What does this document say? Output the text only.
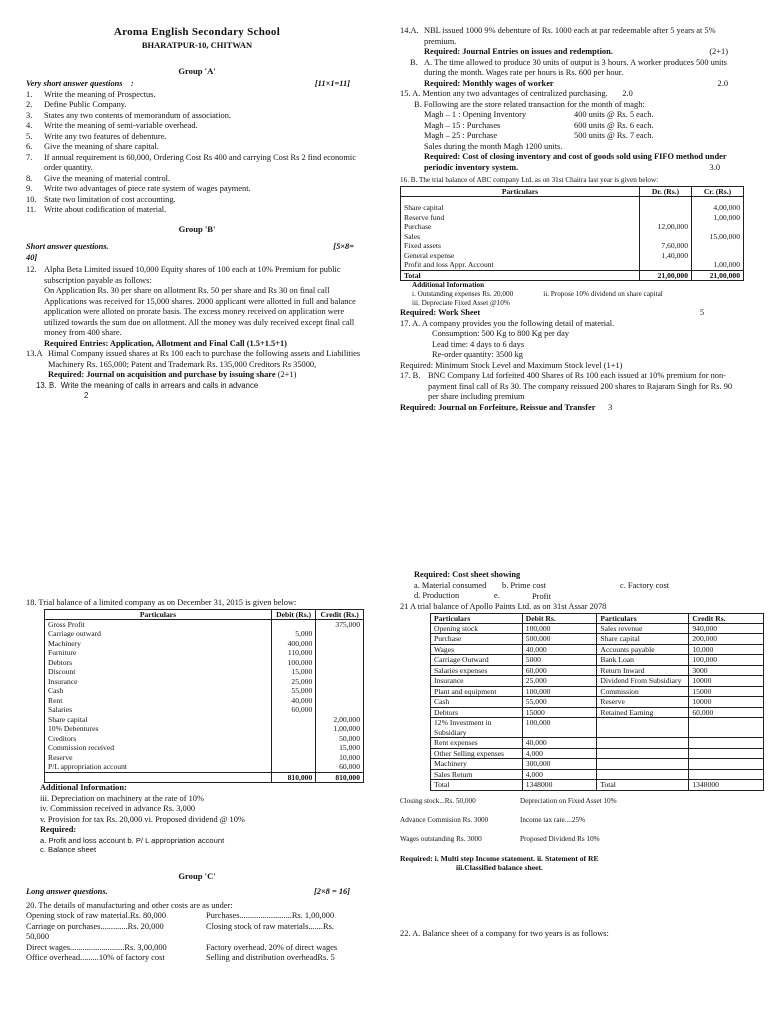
Aroma English Secondary School
BHARATPUR-10, CHITWAN
Group 'A'
Very short answer questions :	[11×1=11]
1.	Write the meaning of Prospectus.
2.	Define Public Company.
3.	States any two contents of memorandum of association.
4.	Write the meaning of semi-variable overhead.
5.	Write any two features of debenture.
6.	Give the meaning of share capital.
7.	If annual requirement is 60,000, Ordering Cost Rs 400 and carrying Cost Rs 2 find economic order quantity.
8.	Give the meaning of material control.
9.	Write two advantages of piece rate system of wages payment.
10. State two limitation of cost accounting.
11. Write about codification of material.
Group 'B'
Short answer questions.	[5×8=
40]
12. Alpha Beta Limited issued 10,000 Equity shares of 100 each at 10% Premium for public subscription payable as follows:
On Application Rs. 30 per share on allotment Rs. 50 per share and Rs 30 on final call
Applications was received for 15,000 shares. 2000 applicant were allotted in full and balance application were alloted on prorate basis. The excess money received on application were utilized towards the sum due on allotment. All the money was duly received except final call money from 400 share.
Required Entries: Application, Allotment and Final Call (1.5+1.5+1)
13.A Himal Company issued shares at Rs 100 each to purchase the following assets and Liabilities
Machinery Rs. 165,000; Patent and Trademark Rs. 135,000 Creditors Rs 35000,
Required: Journal on acquisition and purchase by issuing share (2+1)
13. B. Write the meaning of calls in arrears and calls in advance
2
14.A. NBL issued 1000 9% debenture of Rs. 1000 each at par redeemable after 5 years at 5% premium.
Required: Journal Entries on issues and redemption.	(2+1)
B. A. The time allowed to produce 30 units of output is 3 hours. A worker produces 500 units during the month. Wages rate per hours is Rs. 600 per hour.
Required: Monthly wages of worker	2.0
15. A. Mention any two advantages of centralized purchasing. 2.0
B. Following are the store related transaction for the month of magh:
Magh – 1 : Opening Inventory	400 units @ Rs. 5 each.
Magh – 15 : Purchases	600 units @ Rs. 6 each.
Magh – 25 : Purchase	500 units @ Rs. 7 each.
Sales during the month Magh 1200 units.
Required: Cost of closing inventory and cost of goods sold using FIFO method under periodic inventory system.	3.0
16. B. The trial balance of ABC company Ltd. as on 31st Chaitra last year is given below:
Particulars	Dr. (Rs.)	Cr. (Rs.)

Share capital		4,00,000
Reserve fund		1,00,000
Purchase	12,00,000	
Sales		15,00,000
Fixed assets	7,60,000	
General expense	1,40,000	
Profit and loss Appr. Account		1,00,000
Total	21,00,000	21,00,000
Additional Information
i. Outstanding expenses Rs. 20,000	ii. Propose 10% dividend on share capital
iii. Depreciate Fixed Asset @10%
Required: Work Sheet	5
17. A. A company provides you the following detail of material.
Consumption: 500 Kg to 800 Kg per day
Lead time: 4 days to 6 days
Re-order quantity: 3500 kg
Required: Minimum Stock Level and Maximum Stock level (1+1)
17. B. BNC Company Ltd forfeited 400 Shares of Rs 100 each issued at 10% premium for non-payment final call of Rs 30. The company reissued 200 shares to Rajaram Singh for Rs. 90 per share including premium
Required: Journal on Forfeiture, Reissue and Transfer 3
18. Trial balance of a limited company as on December 31, 2015 is given below:
Particulars	Debit (Rs.)	Credit (Rs.)
Gross Profit		375,000
Carriage outward	5,000	
Machinery	400,000	
Furniture	110,000	
Debtors	100,000	
Discount	15,000	
Insurance	25,000	
Cash	55,000	
Rent	40,000	
Salaries	60,000	
Share capital		2,00,000
10% Debentures		1,00,000
Creditors		50,000
Commission received		15,000
Reserve		10,000
P/L appropriation account		60,000
	810,000	810,000
Additional Information:
iii. Depreciation on machinery at the rate of 10%
iv. Commission received in advance Rs. 3,000
v. Provision for tax Rs. 20,000 vi. Proposed dividend @ 10%
Required:
a. Profit and loss account b. P/ L appropriation account
c. Balance sheet
Group 'C'
Long answer questions.	[2×8 = 16]
20. The details of manufacturing and other costs are as under:
Opening stock of raw material.Rs. 80,000	Purchases.........................Rs. 1,00,000
Carriage on purchases.............Rs. 20,000	Closing stock of raw materials.......Rs.
50,000
Direct wages..........................Rs. 3,00,000	Factory overhead. 20% of direct wages
Office overhead.........10% of factory cost	Selling and distribution overheadRs. 5
Required: Cost sheet showing
a. Material consumed	b. Prime cost	c. Factory cost
d. Production	e.	Profit
21 A trial balance of Apollo Paints Ltd. as on 31st Assar 2078
Particulars	Debit Rs.	Particulars	Credit Rs.
Opening stock	100,000	Sales revenue	940,000
Purchase	500,000	Share capital	200,000
Wages	40,000	Accounts payable	10,000
Carriage Outward	5000	Bank Loan	100,000
Salaries expenses	60,000	Return Inward	3000
Insurance	25,000	Dividend From Subsidiary	10000
Plant and equipment	100,000	Commission	15000
Cash	55,000	Reserve	10000
Debtors	15000	Retained Earning	60,000
12% Investment in Subsidiary	100,000		
Rent expenses	40,000		
Other Selling expenses	4,000		
Machinery	300,000		
Sales Return	4,000		
Total	1348000	Total	1348000
Closing stock...Rs. 50,000	Depreciation on Fixed Asset 10%
Advance Commision Rs. 3000	Income tax rate....25%
Wages outstanding Rs. 3000	Proposed Dividend Rs 10%
Required: i. Multi step Income statement. ii. Statement of RE
iii.Classified balance sheet.
22. A. Balance sheet of a company for two years is as follows:
